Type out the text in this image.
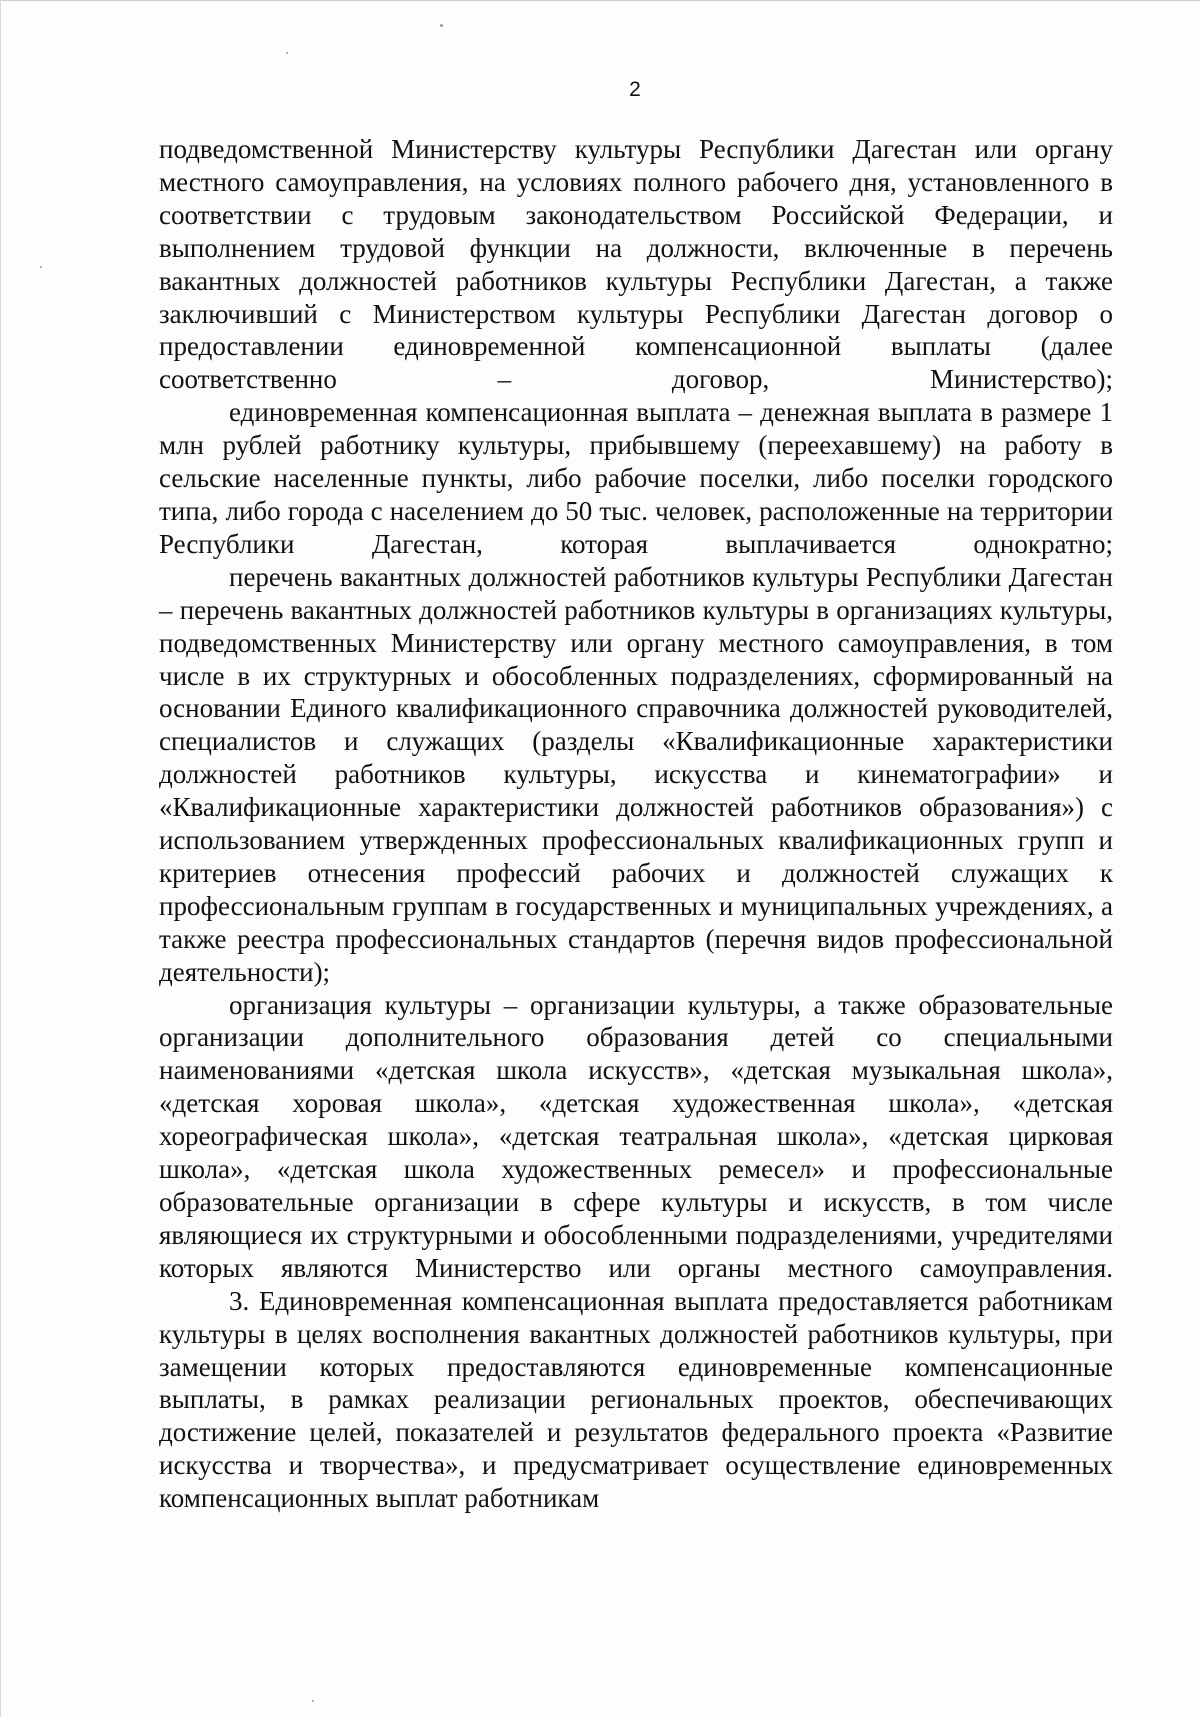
2

подведомственной Министерству культуры Республики Дагестан или органу местного самоуправления, на условиях полного рабочего дня, установленного в соответствии с трудовым законодательством Российской Федерации, и выполнением трудовой функции на должности, включенные в перечень вакантных должностей работников культуры Республики Дагестан, а также заключивший с Министерством культуры Республики Дагестан договор о предоставлении единовременной компенсационной выплаты (далее соответственно – договор, Министерство);

единовременная компенсационная выплата – денежная выплата в размере 1 млн рублей работнику культуры, прибывшему (переехавшему) на работу в сельские населенные пункты, либо рабочие поселки, либо поселки городского типа, либо города с населением до 50 тыс. человек, расположенные на территории Республики Дагестан, которая выплачивается однократно;

перечень вакантных должностей работников культуры Республики Дагестан – перечень вакантных должностей работников культуры в организациях культуры, подведомственных Министерству или органу местного самоуправления, в том числе в их структурных и обособленных подразделениях, сформированный на основании Единого квалификационного справочника должностей руководителей, специалистов и служащих (разделы «Квалификационные характеристики должностей работников культуры, искусства и кинематографии» и «Квалификационные характеристики должностей работников образования») с использованием утвержденных профессиональных квалификационных групп и критериев отнесения профессий рабочих и должностей служащих к профессиональным группам в государственных и муниципальных учреждениях, а также реестра профессиональных стандартов (перечня видов профессиональной деятельности);

организация культуры – организации культуры, а также образовательные организации дополнительного образования детей со специальными наименованиями «детская школа искусств», «детская музыкальная школа», «детская хоровая школа», «детская художественная школа», «детская хореографическая школа», «детская театральная школа», «детская цирковая школа», «детская школа художественных ремесел» и профессиональные образовательные организации в сфере культуры и искусств, в том числе являющиеся их структурными и обособленными подразделениями, учредителями которых являются Министерство или органы местного самоуправления.

3. Единовременная компенсационная выплата предоставляется работникам культуры в целях восполнения вакантных должностей работников культуры, при замещении которых предоставляются единовременные компенсационные выплаты, в рамках реализации региональных проектов, обеспечивающих достижение целей, показателей и результатов федерального проекта «Развитие искусства и творчества», и предусматривает осуществление единовременных компенсационных выплат работникам
